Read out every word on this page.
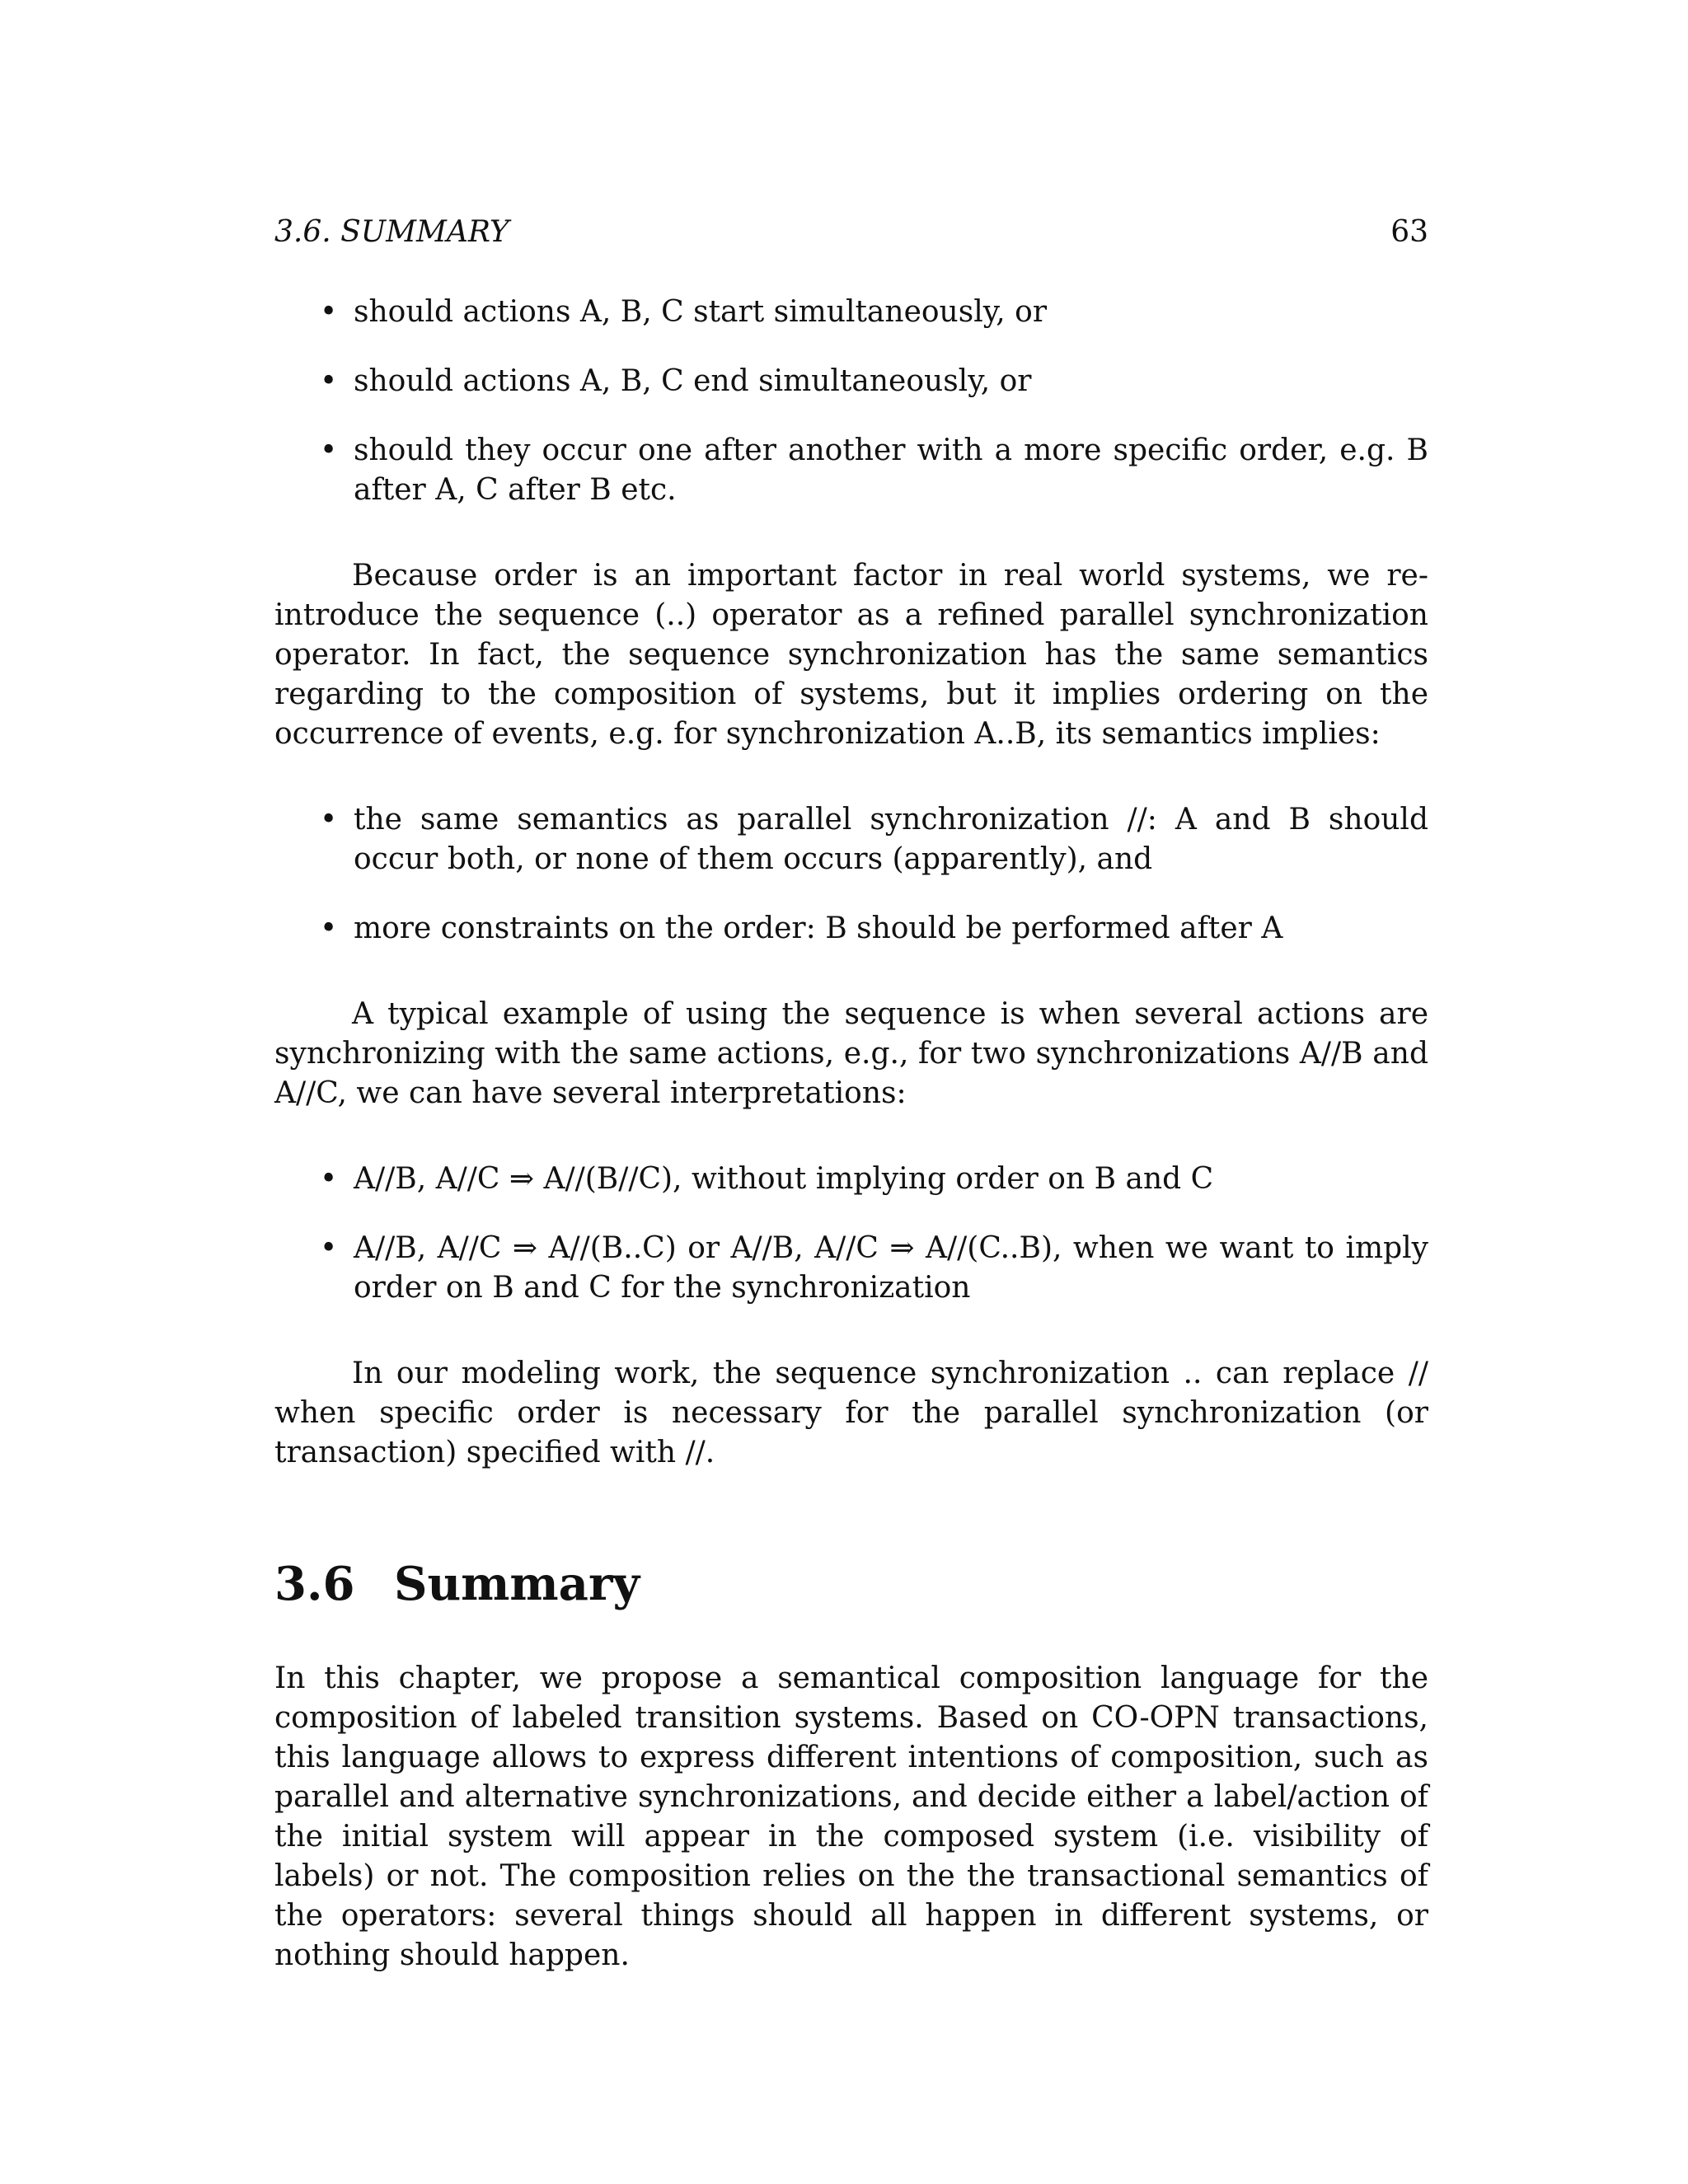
3.6. SUMMARY	63
• should actions A, B, C start simultaneously, or
• should actions A, B, C end simultaneously, or
• should they occur one after another with a more specific order, e.g. B after A, C after B etc.

Because order is an important factor in real world systems, we re-introduce the sequence (..) operator as a refined parallel synchronization operator. In fact, the sequence synchronization has the same semantics regarding to the composition of systems, but it implies ordering on the occurrence of events, e.g. for synchronization A..B, its semantics implies:

• the same semantics as parallel synchronization //: A and B should occur both, or none of them occurs (apparently), and
• more constraints on the order: B should be performed after A

A typical example of using the sequence is when several actions are synchronizing with the same actions, e.g., for two synchronizations A//B and A//C, we can have several interpretations:

• A//B, A//C ⇒ A//(B//C), without implying order on B and C
• A//B, A//C ⇒ A//(B..C) or A//B, A//C ⇒ A//(C..B), when we want to imply order on B and C for the synchronization

In our modeling work, the sequence synchronization .. can replace // when specific order is necessary for the parallel synchronization (or transaction) specified with //.

3.6 Summary

In this chapter, we propose a semantical composition language for the composition of labeled transition systems. Based on CO-OPN transactions, this language allows to express different intentions of composition, such as parallel and alternative synchronizations, and decide either a label/action of the initial system will appear in the composed system (i.e. visibility of labels) or not. The composition relies on the the transactional semantics of the operators: several things should all happen in different systems, or nothing should happen.
